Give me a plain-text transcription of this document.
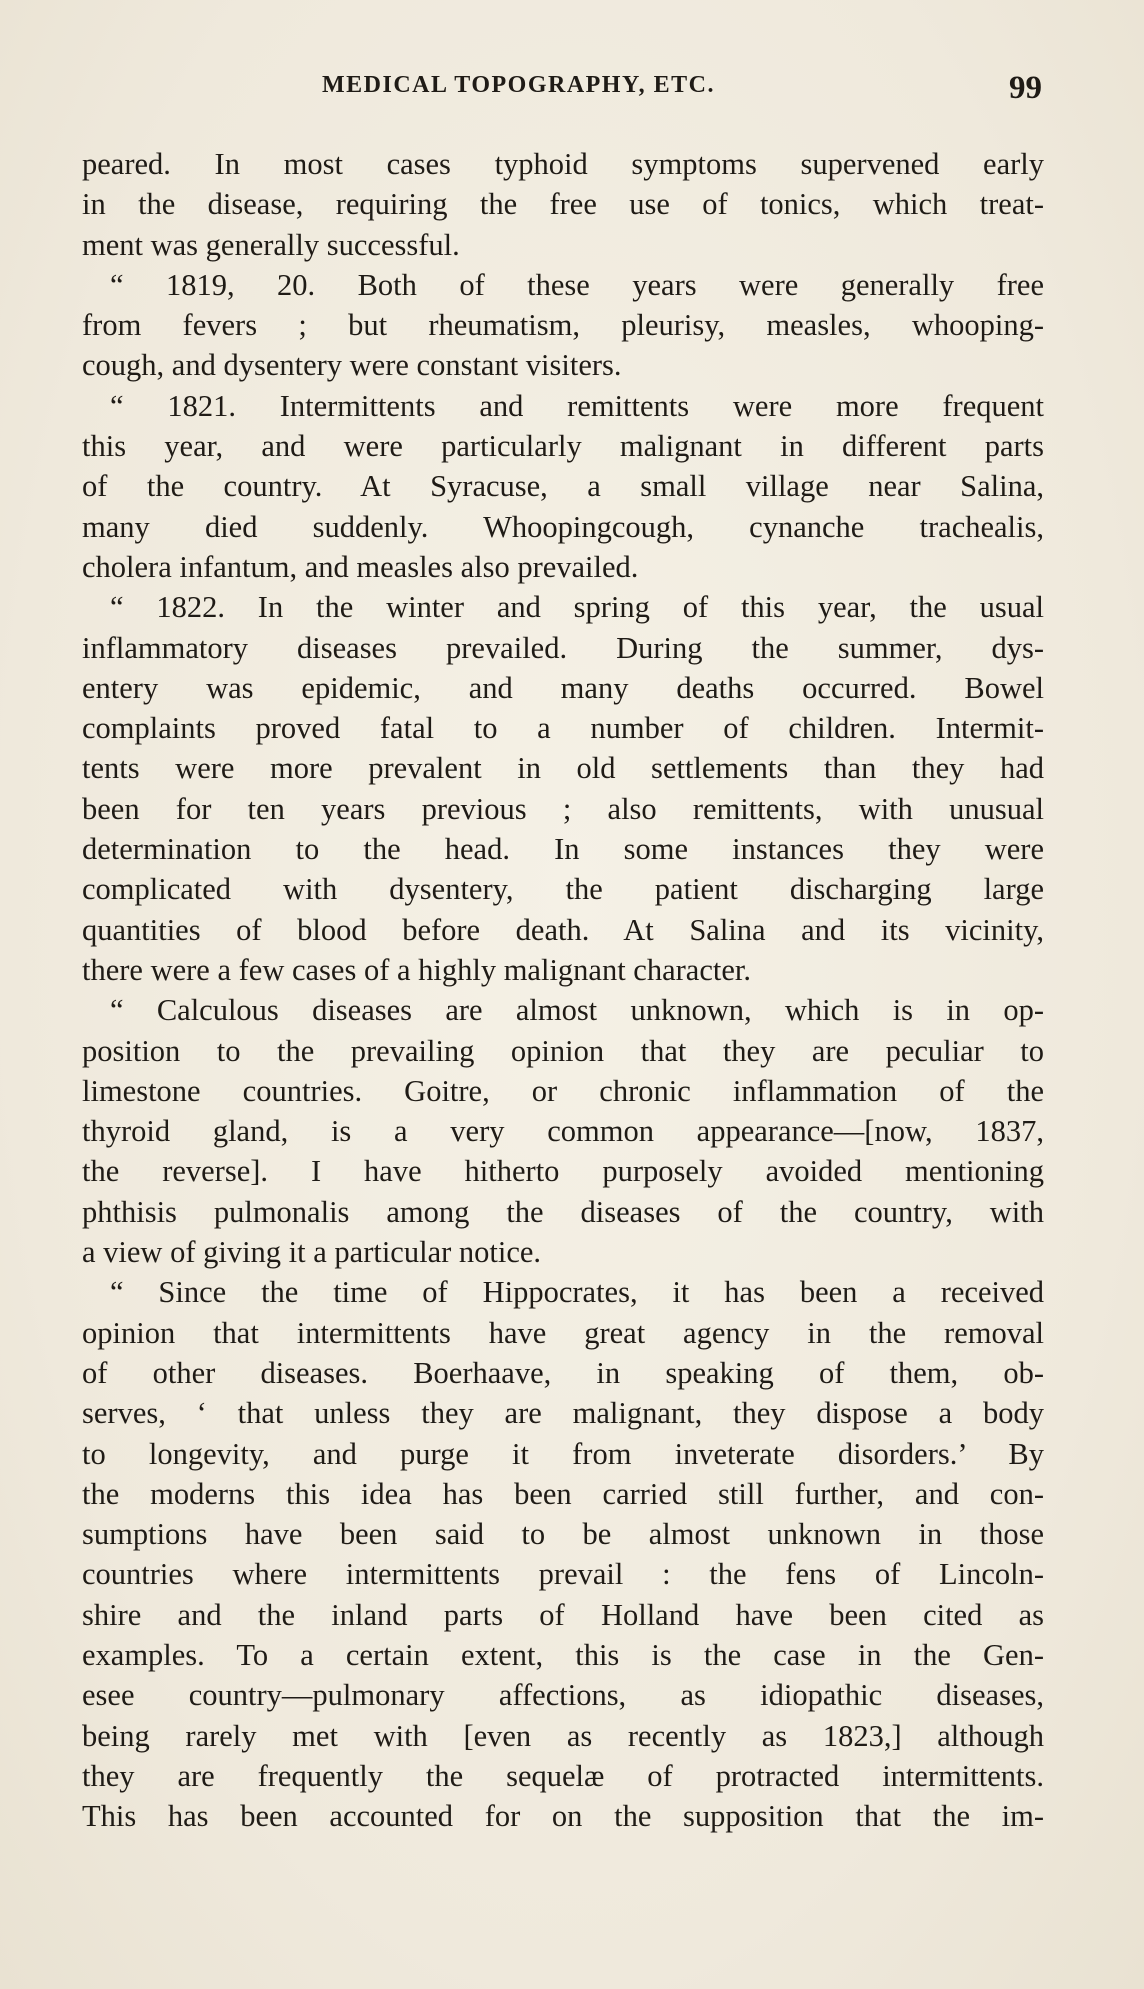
MEDICAL TOPOGRAPHY, ETC.	99
peared. In most cases typhoid symptoms supervened early
in the disease, requiring the free use of tonics, which treat-
ment was generally successful.
“ 1819, 20. Both of these years were generally free
from fevers ; but rheumatism, pleurisy, measles, whooping-
cough, and dysentery were constant visiters.
“ 1821. Intermittents and remittents were more frequent
this year, and were particularly malignant in different parts
of the country. At Syracuse, a small village near Salina,
many died suddenly. Whoopingcough, cynanche trachealis,
cholera infantum, and measles also prevailed.
“ 1822. In the winter and spring of this year, the usual
inflammatory diseases prevailed. During the summer, dys-
entery was epidemic, and many deaths occurred. Bowel
complaints proved fatal to a number of children. Intermit-
tents were more prevalent in old settlements than they had
been for ten years previous ; also remittents, with unusual
determination to the head. In some instances they were
complicated with dysentery, the patient discharging large
quantities of blood before death. At Salina and its vicinity,
there were a few cases of a highly malignant character.
“ Calculous diseases are almost unknown, which is in op-
position to the prevailing opinion that they are peculiar to
limestone countries. Goitre, or chronic inflammation of the
thyroid gland, is a very common appearance—[now, 1837,
the reverse]. I have hitherto purposely avoided mentioning
phthisis pulmonalis among the diseases of the country, with
a view of giving it a particular notice.
“ Since the time of Hippocrates, it has been a received
opinion that intermittents have great agency in the removal
of other diseases. Boerhaave, in speaking of them, ob-
serves, ‘ that unless they are malignant, they dispose a body
to longevity, and purge it from inveterate disorders.’ By
the moderns this idea has been carried still further, and con-
sumptions have been said to be almost unknown in those
countries where intermittents prevail : the fens of Lincoln-
shire and the inland parts of Holland have been cited as
examples. To a certain extent, this is the case in the Gen-
esee country—pulmonary affections, as idiopathic diseases,
being rarely met with [even as recently as 1823,] although
they are frequently the sequelæ of protracted intermittents.
This has been accounted for on the supposition that the im-
